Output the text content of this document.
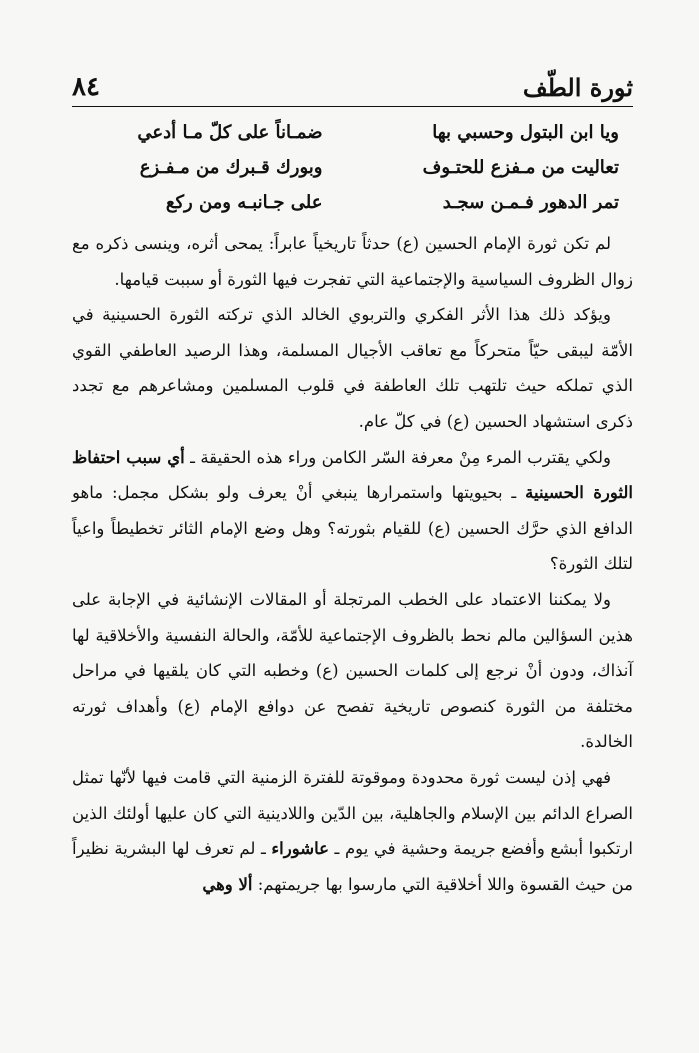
٨٤	ثورة الطّف
ويا ابن البتول وحسبي بها
ضمـاناً على كلّ مـا أدعي
تعاليت من مـفزع للحتـوف
وبورك قـبرك من مـفـزع
تمر الدهور فـمـن سجـد
على جـانبـه ومن ركع

لم تكن ثورة الإمام الحسين (ع) حدثاً تاريخياً عابراً: يمحى أثره، وينسى ذكره مع زوال الظروف السياسية والإجتماعية التي تفجرت فيها الثورة أو سببت قيامها.

ويؤكد ذلك هذا الأثر الفكري والتربوي الخالد الذي تركته الثورة الحسينية في الأمّة ليبقى حيّاً متحركاً مع تعاقب الأجيال المسلمة، وهذا الرصيد العاطفي القوي الذي تملكه حيث تلتهب تلك العاطفة في قلوب المسلمين ومشاعرهم مع تجدد ذكرى استشهاد الحسين (ع) في كلّ عام.

ولكي يقترب المرء مِنْ معرفة السّر الكامن وراء هذه الحقيقة ـ أي سبب احتفاظ الثورة الحسينية ـ بحيويتها واستمرارها ينبغي أنْ يعرف ولو بشكل مجمل: ماهو الدافع الذي حرَّك الحسين (ع) للقيام بثورته؟ وهل وضع الإمام الثائر تخطيطاً واعياً لتلك الثورة؟

ولا يمكننا الاعتماد على الخطب المرتجلة أو المقالات الإنشائية في الإجابة على هذين السؤالين مالم نحط بالظروف الإجتماعية للأمّة، والحالة النفسية والأخلاقية لها آنذاك، ودون أنْ نرجع إلى كلمات الحسين (ع) وخطبه التي كان يلقيها في مراحل مختلفة من الثورة كنصوص تاريخية تفصح عن دوافع الإمام (ع) وأهداف ثورته الخالدة.

فهي إذن ليست ثورة محدودة وموقوتة للفترة الزمنية التي قامت فيها لأنّها تمثل الصراع الدائم بين الإسلام والجاهلية، بين الدّين واللادينية التي كان عليها أولئك الذين ارتكبوا أبشع وأفضع جريمة وحشية في يوم ـ عاشوراء ـ لم تعرف لها البشرية نظيراً من حيث القسوة واللا أخلاقية التي مارسوا بها جريمتهم: ألا وهي
